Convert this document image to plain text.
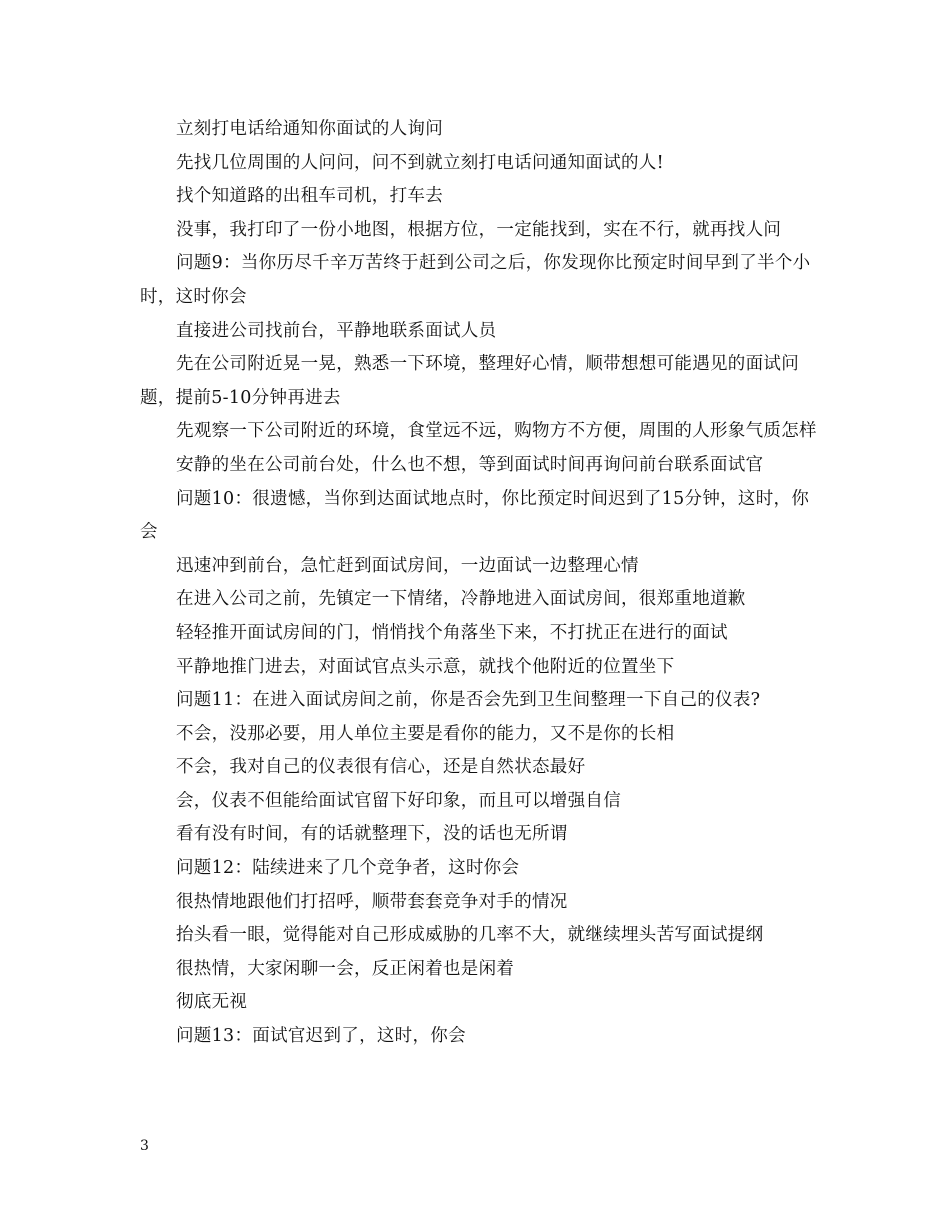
立刻打电话给通知你面试的人询问

先找几位周围的人问问，问不到就立刻打电话问通知面试的人!

找个知道路的出租车司机，打车去

没事，我打印了一份小地图，根据方位，一定能找到，实在不行，就再找人问

问题9：当你历尽千辛万苦终于赶到公司之后，你发现你比预定时间早到了半个小时，这时你会

直接进公司找前台，平静地联系面试人员

先在公司附近晃一晃，熟悉一下环境，整理好心情，顺带想想可能遇见的面试问题，提前5-10分钟再进去

先观察一下公司附近的环境，食堂远不远，购物方不方便，周围的人形象气质怎样

安静的坐在公司前台处，什么也不想，等到面试时间再询问前台联系面试官

问题10：很遗憾，当你到达面试地点时，你比预定时间迟到了15分钟，这时，你会

迅速冲到前台，急忙赶到面试房间，一边面试一边整理心情

在进入公司之前，先镇定一下情绪，冷静地进入面试房间，很郑重地道歉

轻轻推开面试房间的门，悄悄找个角落坐下来，不打扰正在进行的面试

平静地推门进去，对面试官点头示意，就找个他附近的位置坐下

问题11：在进入面试房间之前，你是否会先到卫生间整理一下自己的仪表?

不会，没那必要，用人单位主要是看你的能力，又不是你的长相

不会，我对自己的仪表很有信心，还是自然状态最好

会，仪表不但能给面试官留下好印象，而且可以增强自信

看有没有时间，有的话就整理下，没的话也无所谓

问题12：陆续进来了几个竞争者，这时你会

很热情地跟他们打招呼，顺带套套竞争对手的情况

抬头看一眼，觉得能对自己形成威胁的几率不大，就继续埋头苦写面试提纲

很热情，大家闲聊一会，反正闲着也是闲着

彻底无视

问题13：面试官迟到了，这时，你会

3
